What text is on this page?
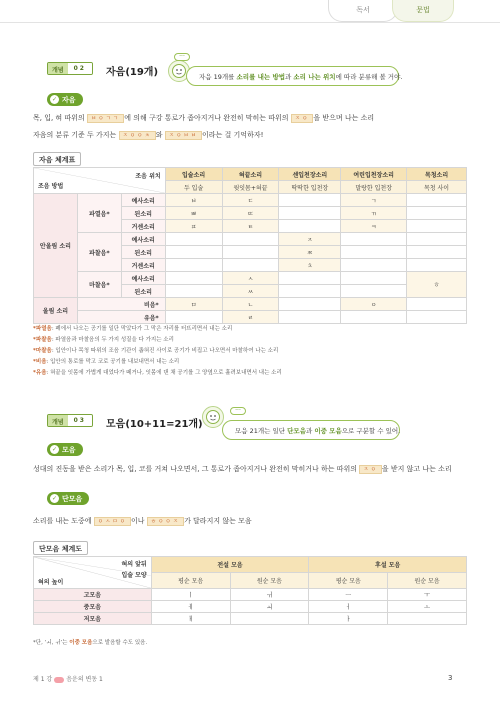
독서	문법
개념	02	자음(19개)
···
자음 19개를 소리를 내는 방법과 소리 나는 위치에 따라 분류해 볼 거야.
✓ 자음
목, 입, 혀 따위의 ㅂㅇㄱㄱ 에 의해 구강 통로가 좁아지거나 완전히 막히는 따위의 ㅈㅇ 을 받으며 나는 소리
자음의 분류 기준 두 가지는 ㅈㅇㅇㅊ 와 ㅈㅇㅂㅂ 이라는 걸 기억하자!
자음 체계표
조음 위치
조음 방법			입술소리	혀끝소리	센입천장소리	여린입천장소리	목청소리
			두 입술	윗잇몸+혀끝	딱딱한 입천장	말랑한 입천장	목청 사이
안울림 소리	파열음*	예사소리	ㅂ	ㄷ		ㄱ	
		된소리	ㅃ	ㄸ		ㄲ	
		거센소리	ㅍ	ㅌ		ㅋ	
	파찰음*	예사소리			ㅈ		
		된소리			ㅉ		
		거센소리			ㅊ		
	마찰음*	예사소리		ㅅ			ㅎ
		된소리		ㅆ			
울림 소리	비음*		ㅁ	ㄴ		ㅇ	
	유음*			ㄹ			
*파열음: 폐에서 나오는 공기를 일단 막았다가 그 막은 자리를 터뜨리면서 내는 소리
*파찰음: 파열음과 마찰음의 두 가지 성질을 다 가지는 소리
*마찰음: 입안이나 목청 따위의 조음 기관이 좁혀진 사이로 공기가 비집고 나오면서 마찰하여 나는 소리
*비음: 입안의 통로를 막고 코로 공기를 내보내면서 내는 소리
*유음: 혀끝을 잇몸에 가볍게 대었다가 떼거나, 잇몸에 댄 채 공기를 그 양옆으로 흘려보내면서 내는 소리
개념	03	모음(10+11=21개)
···
모음 21개는 일단 단모음과 이중 모음으로 구분할 수 있어.
✓ 모음
성대의 진동을 받은 소리가 목, 입, 코를 거쳐 나오면서, 그 통로가 좁아지거나 완전히 막히거나 하는 따위의 ㅈㅇ 을 받지 않고 나는 소리
✓ 단모음
소리를 내는 도중에 ㅇㅅㅁㅇ 이나 ㅎㅇㅇㅈ 가 달라지지 않는 모음
단모음 체계도
혀의 앞뒤
입술 모양
혀의 높이	전설 모음		후설 모음	
	평순 모음	원순 모음	평순 모음	원순 모음
고모음	ㅣ	ㅟ	ㅡ	ㅜ
중모음	ㅔ	ㅚ	ㅓ	ㅗ
저모음	ㅐ		ㅏ	
*단, ‘ㅚ, ㅟ’는 이중 모음으로 발음할 수도 있음.
제 1 강 음운의 변동 1	3
